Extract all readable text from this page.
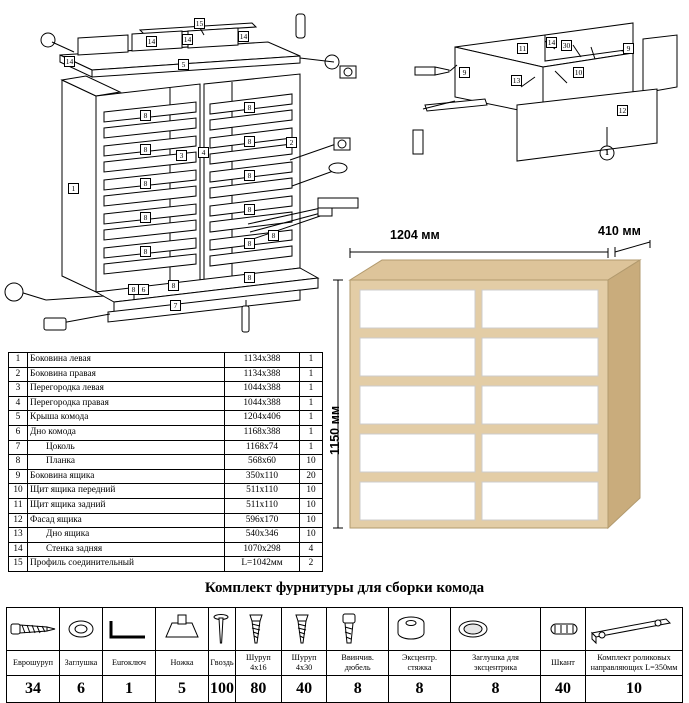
15
14
14	14	14
5
8
8
8
8
8
8
8
8
8
8
1
3	4
2
8
8
8	8
6
7
11
14 30	9
9
13
10
12
1
1	Боковина левая	1134x388	1
2	Боковина правая	1134x388	1
3	Перегородка левая	1044x388	1
4	Перегородка правая	1044x388	1
5	Крыша комода	1204x406	1
6	Дно комода	1168x388	1
7	Цоколь	1168x74	1
8	Планка	568x60	10
9	Боковина ящика	350x110	20
10	Щит ящика передний	511x110	10
11	Щит ящика задний	511x110	10
12	Фасад ящика	596x170	10
13	Дно ящика	540x346	10
14	Стенка задняя	1070x298	4
15	Профиль соединительный	L=1042мм	2
1204 мм	410 мм
1150 мм
Комплект фурнитуры для сборки комода

Еврошуруп	Заглушка	Euroключ	Ножка	Гвоздь	Шуруп 4х16	Шуруп 4х30	Ввинчив. дюбель	Эксцентр. стяжка	Заглушка для эксцентрика	Шкант	Комплект роликовых направляющих L=350мм
34	6	1	5	100	80	40	8	8	8	40	10
